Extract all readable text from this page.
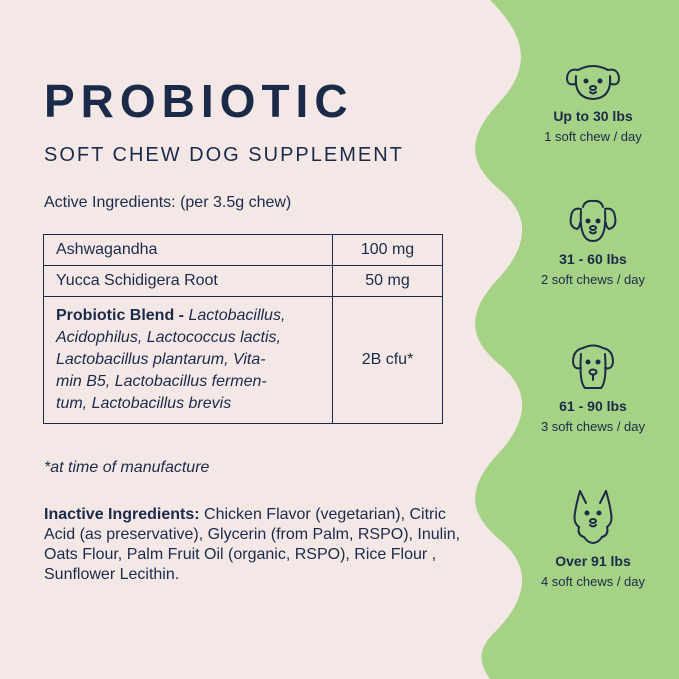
PROBIOTIC
SOFT CHEW DOG SUPPLEMENT
Active Ingredients: (per 3.5g chew)
Ashwagandha	100 mg
Yucca Schidigera Root	50 mg
Probiotic Blend - Lactobacillus,
Acidophilus, Lactococcus lactis,
Lactobacillus plantarum, Vita-
min B5, Lactobacillus fermen-
tum, Lactobacillus brevis	2B cfu*
*at time of manufacture
Inactive Ingredients: Chicken Flavor (vegetarian), Citric Acid (as preservative), Glycerin (from Palm, RSPO), Inulin, Oats Flour, Palm Fruit Oil (organic, RSPO), Rice Flour , Sunflower Lecithin.
Up to 30 lbs
1 soft chew / day
31 - 60 lbs
2 soft chews / day
61 - 90 lbs
3 soft chews / day
Over 91 lbs
4 soft chews / day
